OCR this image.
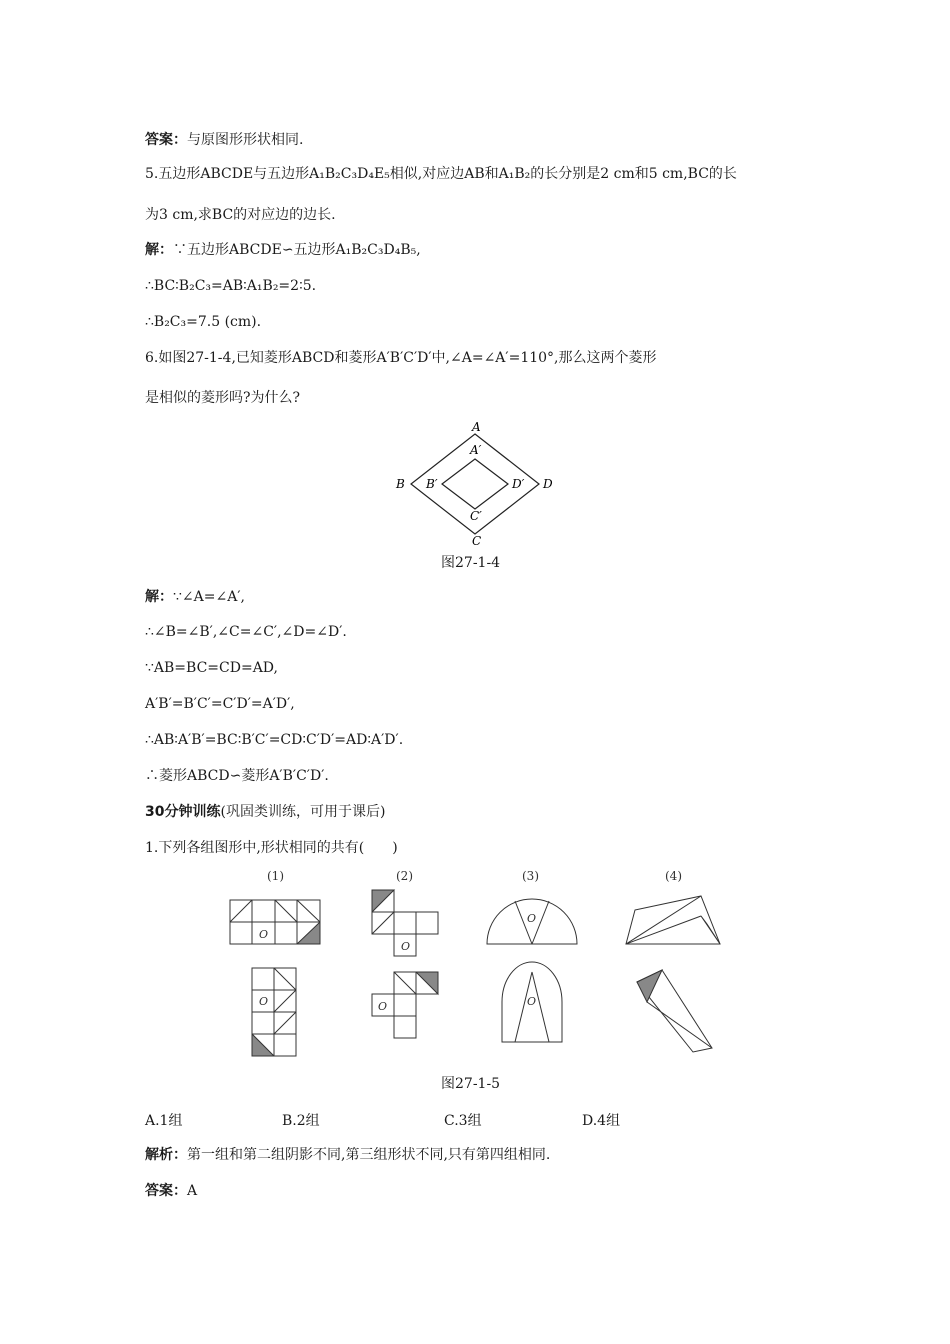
答案：与原图形形状相同.
5.五边形ABCDE与五边形A₁B₂C₃D₄E₅相似,对应边AB和A₁B₂的长分别是2 cm和5 cm,BC的长
为3 cm,求BC的对应边的边长.
解：∵五边形ABCDE∽五边形A₁B₂C₃D₄B₅,
∴BC∶B₂C₃=AB∶A₁B₂=2∶5.
∴B₂C₃=7.5 (cm).
6.如图27-1-4,已知菱形ABCD和菱形A′B′C′D′中,∠A=∠A′=110°,那么这两个菱形
是相似的菱形吗?为什么?
A
A′
B B′	D′ D
C′
C
图27-1-4
解：∵∠A=∠A′,
∴∠B=∠B′,∠C=∠C′,∠D=∠D′.
∵AB=BC=CD=AD,
A′B′=B′C′=C′D′=A′D′,
∴AB∶A′B′=BC∶B′C′=CD∶C′D′=AD∶A′D′.
∴菱形ABCD∽菱形A′B′C′D′.
30分钟训练(巩固类训练，可用于课后)
1.下列各组图形中,形状相同的共有(　　)
(1)	(2)	(3)	(4)
O
O
O
O
O
O
图27-1-5
A.1组	B.2组	C.3组	D.4组
解析：第一组和第二组阴影不同,第三组形状不同,只有第四组相同.
答案：A
